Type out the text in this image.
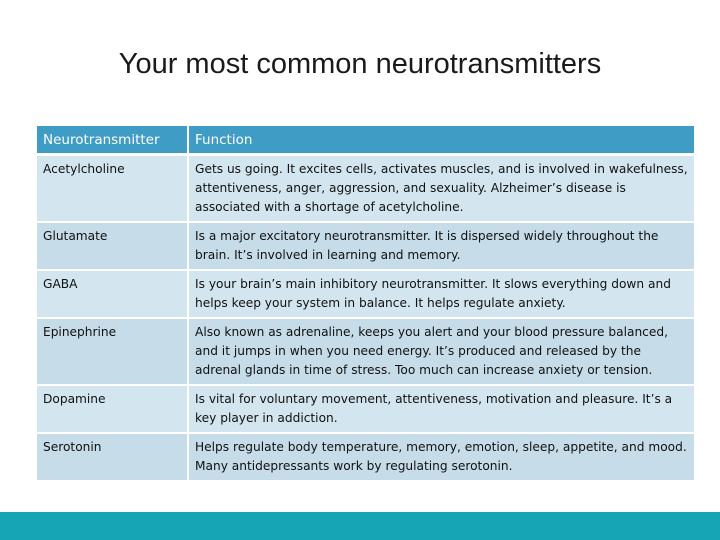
Your most common neurotransmitters
Neurotransmitter	Function
Acetylcholine	Gets us going. It excites cells, activates muscles, and is involved in wakefulness, attentiveness, anger, aggression, and sexuality. Alzheimer’s disease is associated with a shortage of acetylcholine.
Glutamate	Is a major excitatory neurotransmitter. It is dispersed widely throughout the brain. It’s involved in learning and memory.
GABA	Is your brain’s main inhibitory neurotransmitter. It slows everything down and helps keep your system in balance. It helps regulate anxiety.
Epinephrine	Also known as adrenaline, keeps you alert and your blood pressure balanced, and it jumps in when you need energy. It’s produced and released by the adrenal glands in time of stress. Too much can increase anxiety or tension.
Dopamine	Is vital for voluntary movement, attentiveness, motivation and pleasure. It’s a key player in addiction.
Serotonin	Helps regulate body temperature, memory, emotion, sleep, appetite, and mood. Many antidepressants work by regulating serotonin.
